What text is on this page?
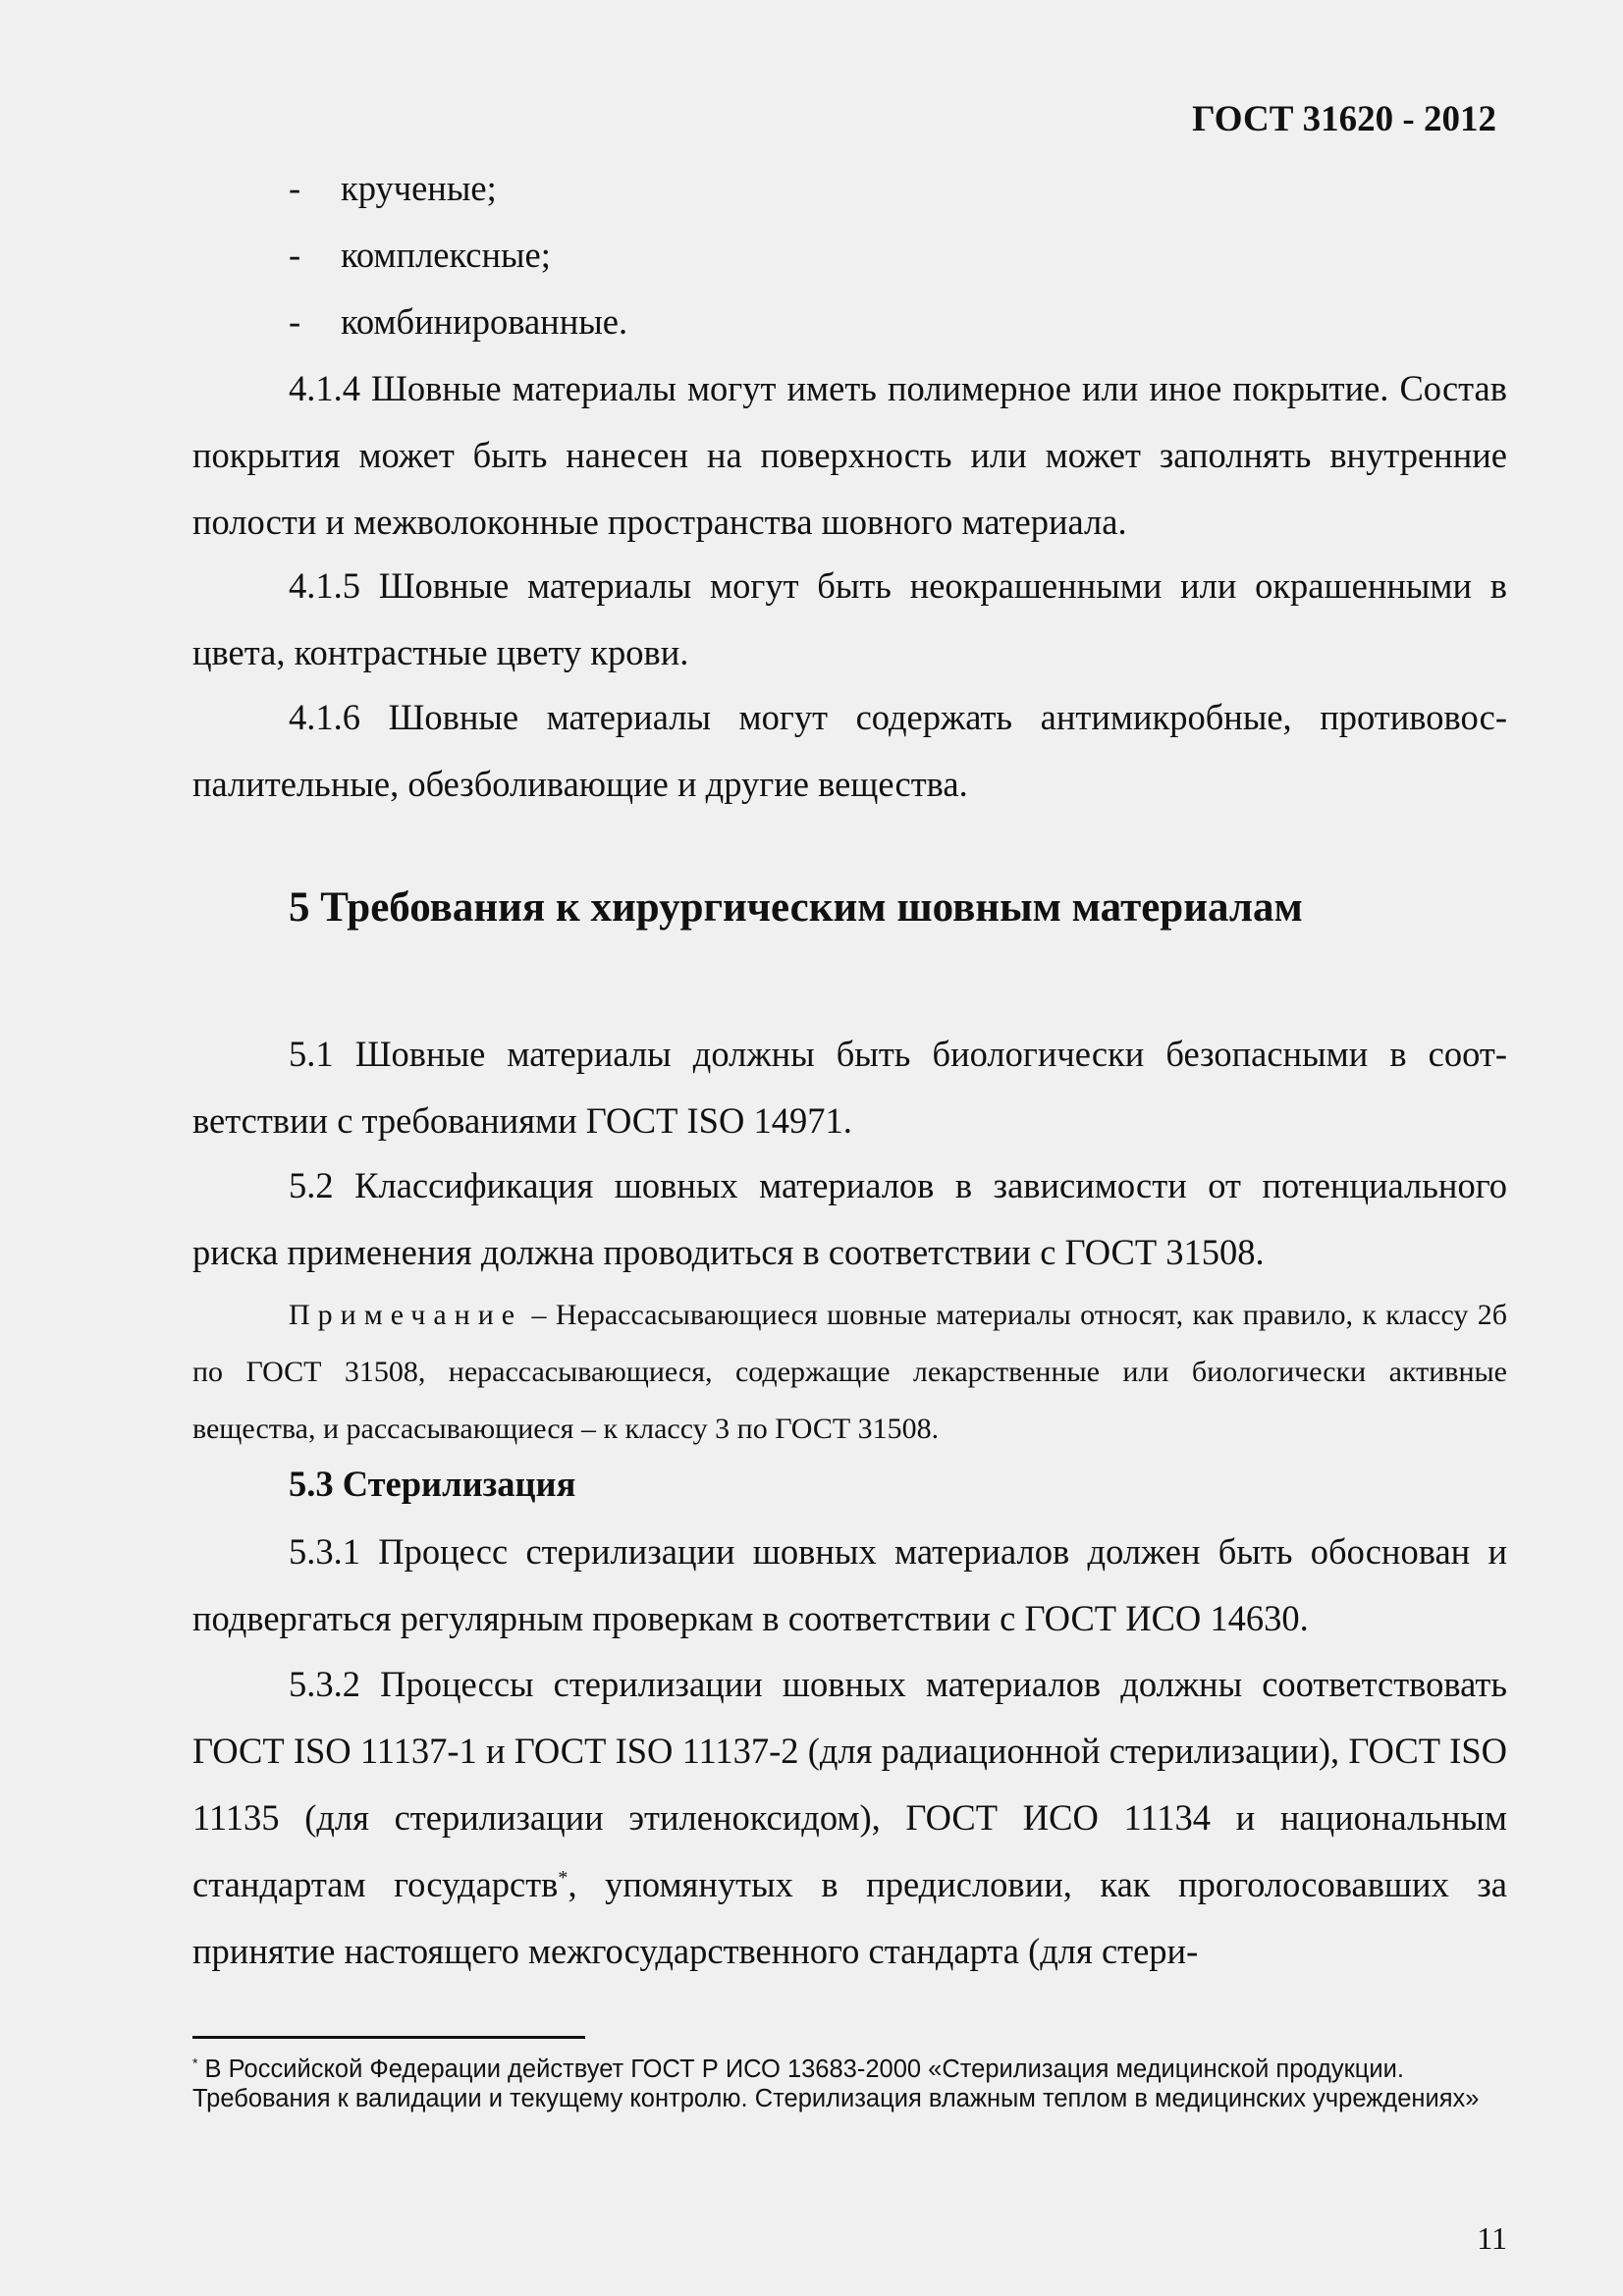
ГОСТ 31620 - 2012
- крученые;
- комплексные;
- комбинированные.

4.1.4 Шовные материалы могут иметь полимерное или иное покрытие. Состав покрытия может быть нанесен на поверхность или может заполнять внутренние полости и межволоконные пространства шовного материала.

4.1.5 Шовные материалы могут быть неокрашенными или окрашенными в цвета, контрастные цвету крови.

4.1.6 Шовные материалы могут содержать антимикробные, противовоспалительные, обезболивающие и другие вещества.

5 Требования к хирургическим шовным материалам

5.1 Шовные материалы должны быть биологически безопасными в соответствии с требованиями ГОСТ ISO 14971.

5.2 Классификация шовных материалов в зависимости от потенциального риска применения должна проводиться в соответствии с ГОСТ 31508.

Примечание – Нерассасывающиеся шовные материалы относят, как правило, к классу 2б по ГОСТ 31508, нерассасывающиеся, содержащие лекарственные или биологически активные вещества, и рассасывающиеся – к классу 3 по ГОСТ 31508.

5.3 Стерилизация

5.3.1 Процесс стерилизации шовных материалов должен быть обоснован и подвергаться регулярным проверкам в соответствии с ГОСТ ИСО 14630.

5.3.2 Процессы стерилизации шовных материалов должны соответствовать ГОСТ ISO 11137-1 и ГОСТ ISO 11137-2 (для радиационной стерилизации), ГОСТ ISO 11135 (для стерилизации этиленоксидом), ГОСТ ИСО 11134 и национальным стандартам государств*, упомянутых в предисловии, как проголосовавших за принятие настоящего межгосударственного стандарта (для стери-

* В Российской Федерации действует ГОСТ Р ИСО 13683-2000 «Стерилизация медицинской продукции. Требования к валидации и текущему контролю. Стерилизация влажным теплом в медицинских учреждениях»
11
